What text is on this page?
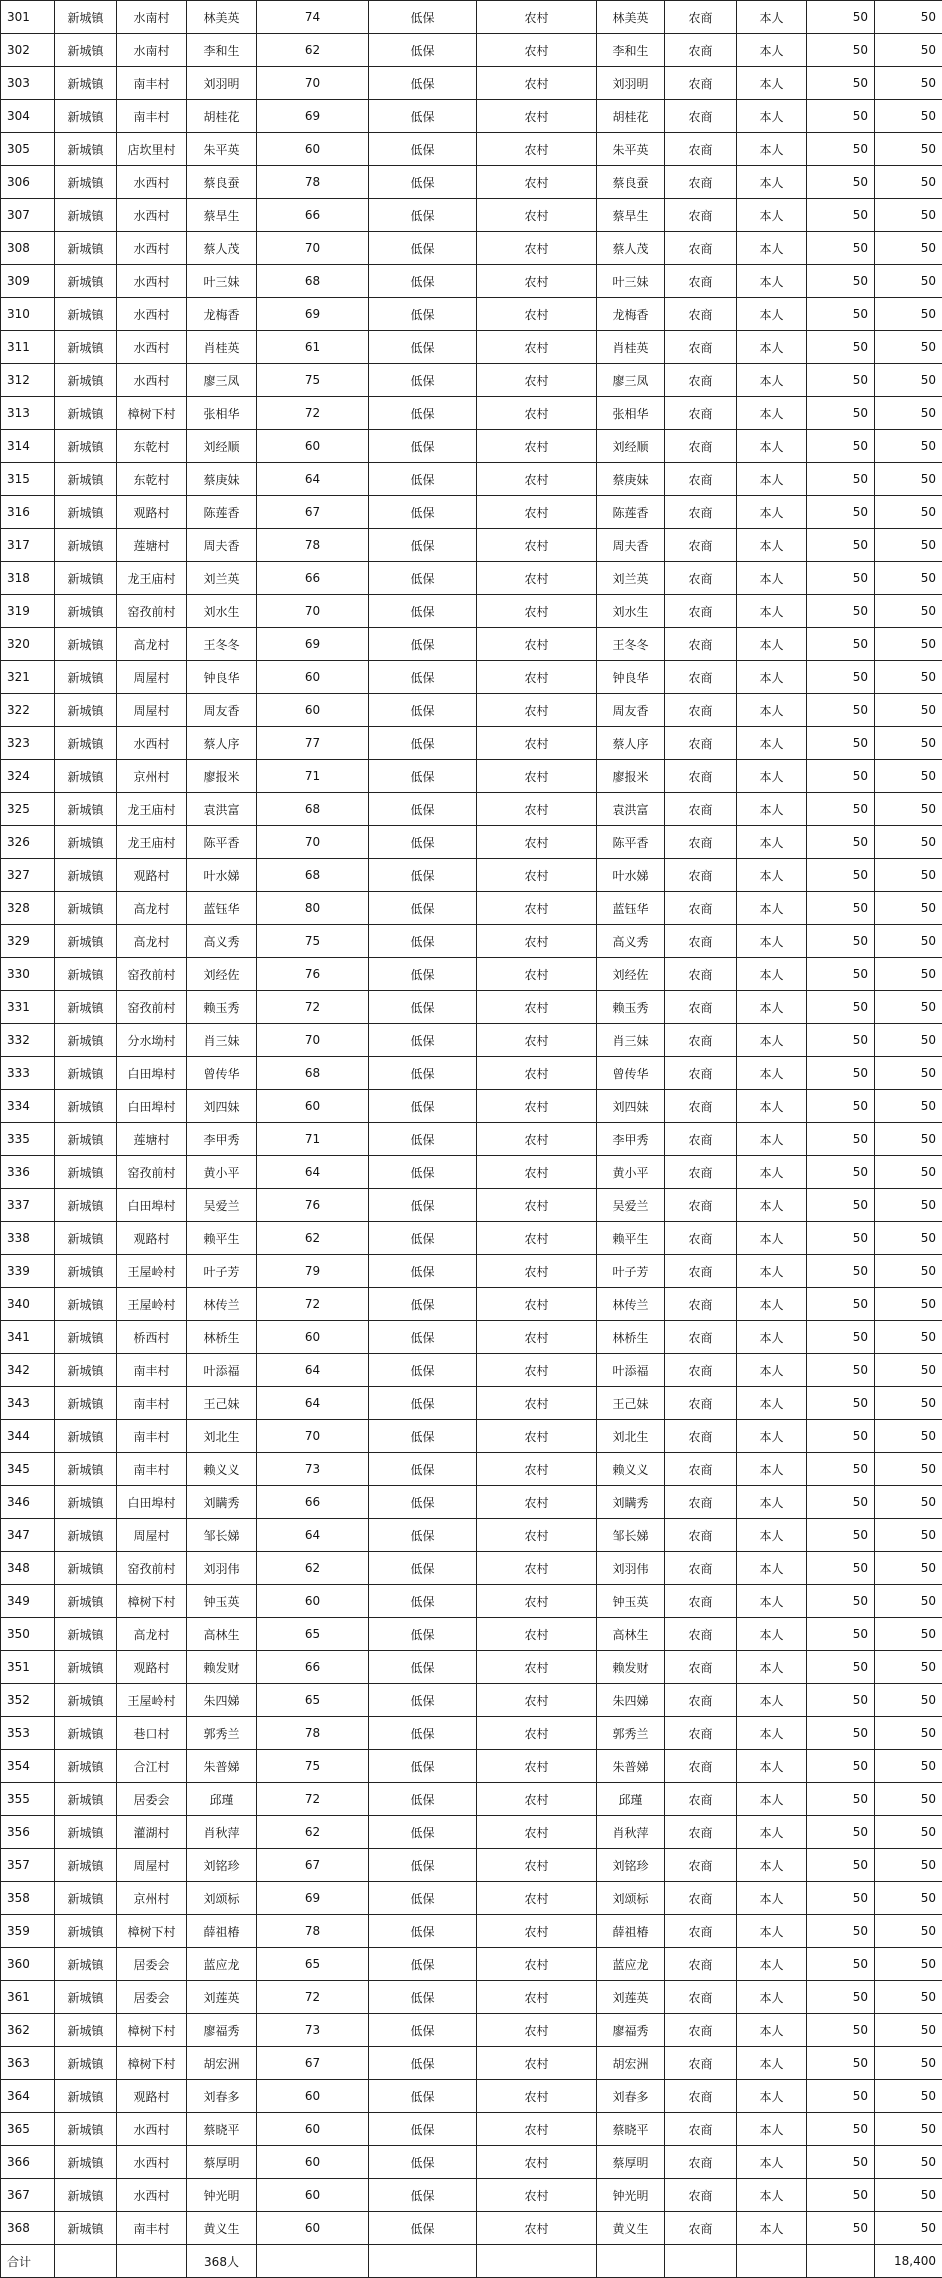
301	新城镇	水南村	林美英	74	低保	农村	林美英	农商	本人	50	50
302	新城镇	水南村	李和生	62	低保	农村	李和生	农商	本人	50	50
303	新城镇	南丰村	刘羽明	70	低保	农村	刘羽明	农商	本人	50	50
304	新城镇	南丰村	胡桂花	69	低保	农村	胡桂花	农商	本人	50	50
305	新城镇	店坎里村	朱平英	60	低保	农村	朱平英	农商	本人	50	50
306	新城镇	水西村	蔡良蚕	78	低保	农村	蔡良蚕	农商	本人	50	50
307	新城镇	水西村	蔡旱生	66	低保	农村	蔡旱生	农商	本人	50	50
308	新城镇	水西村	蔡人茂	70	低保	农村	蔡人茂	农商	本人	50	50
309	新城镇	水西村	叶三妹	68	低保	农村	叶三妹	农商	本人	50	50
310	新城镇	水西村	龙梅香	69	低保	农村	龙梅香	农商	本人	50	50
311	新城镇	水西村	肖桂英	61	低保	农村	肖桂英	农商	本人	50	50
312	新城镇	水西村	廖三凤	75	低保	农村	廖三凤	农商	本人	50	50
313	新城镇	樟树下村	张相华	72	低保	农村	张相华	农商	本人	50	50
314	新城镇	东乾村	刘经顺	60	低保	农村	刘经顺	农商	本人	50	50
315	新城镇	东乾村	蔡庚妹	64	低保	农村	蔡庚妹	农商	本人	50	50
316	新城镇	观路村	陈莲香	67	低保	农村	陈莲香	农商	本人	50	50
317	新城镇	莲塘村	周夫香	78	低保	农村	周夫香	农商	本人	50	50
318	新城镇	龙王庙村	刘兰英	66	低保	农村	刘兰英	农商	本人	50	50
319	新城镇	窑孜前村	刘水生	70	低保	农村	刘水生	农商	本人	50	50
320	新城镇	高龙村	王冬冬	69	低保	农村	王冬冬	农商	本人	50	50
321	新城镇	周屋村	钟良华	60	低保	农村	钟良华	农商	本人	50	50
322	新城镇	周屋村	周友香	60	低保	农村	周友香	农商	本人	50	50
323	新城镇	水西村	蔡人序	77	低保	农村	蔡人序	农商	本人	50	50
324	新城镇	京州村	廖报米	71	低保	农村	廖报米	农商	本人	50	50
325	新城镇	龙王庙村	袁洪富	68	低保	农村	袁洪富	农商	本人	50	50
326	新城镇	龙王庙村	陈平香	70	低保	农村	陈平香	农商	本人	50	50
327	新城镇	观路村	叶水娣	68	低保	农村	叶水娣	农商	本人	50	50
328	新城镇	高龙村	蓝钰华	80	低保	农村	蓝钰华	农商	本人	50	50
329	新城镇	高龙村	高义秀	75	低保	农村	高义秀	农商	本人	50	50
330	新城镇	窑孜前村	刘经佐	76	低保	农村	刘经佐	农商	本人	50	50
331	新城镇	窑孜前村	赖玉秀	72	低保	农村	赖玉秀	农商	本人	50	50
332	新城镇	分水坳村	肖三妹	70	低保	农村	肖三妹	农商	本人	50	50
333	新城镇	白田埠村	曾传华	68	低保	农村	曾传华	农商	本人	50	50
334	新城镇	白田埠村	刘四妹	60	低保	农村	刘四妹	农商	本人	50	50
335	新城镇	莲塘村	李甲秀	71	低保	农村	李甲秀	农商	本人	50	50
336	新城镇	窑孜前村	黄小平	64	低保	农村	黄小平	农商	本人	50	50
337	新城镇	白田埠村	吴爱兰	76	低保	农村	吴爱兰	农商	本人	50	50
338	新城镇	观路村	赖平生	62	低保	农村	赖平生	农商	本人	50	50
339	新城镇	王屋岭村	叶子芳	79	低保	农村	叶子芳	农商	本人	50	50
340	新城镇	王屋岭村	林传兰	72	低保	农村	林传兰	农商	本人	50	50
341	新城镇	桥西村	林桥生	60	低保	农村	林桥生	农商	本人	50	50
342	新城镇	南丰村	叶添福	64	低保	农村	叶添福	农商	本人	50	50
343	新城镇	南丰村	王己妹	64	低保	农村	王己妹	农商	本人	50	50
344	新城镇	南丰村	刘北生	70	低保	农村	刘北生	农商	本人	50	50
345	新城镇	南丰村	赖义义	73	低保	农村	赖义义	农商	本人	50	50
346	新城镇	白田埠村	刘瞒秀	66	低保	农村	刘瞒秀	农商	本人	50	50
347	新城镇	周屋村	邹长娣	64	低保	农村	邹长娣	农商	本人	50	50
348	新城镇	窑孜前村	刘羽伟	62	低保	农村	刘羽伟	农商	本人	50	50
349	新城镇	樟树下村	钟玉英	60	低保	农村	钟玉英	农商	本人	50	50
350	新城镇	高龙村	高林生	65	低保	农村	高林生	农商	本人	50	50
351	新城镇	观路村	赖发财	66	低保	农村	赖发财	农商	本人	50	50
352	新城镇	王屋岭村	朱四娣	65	低保	农村	朱四娣	农商	本人	50	50
353	新城镇	巷口村	郭秀兰	78	低保	农村	郭秀兰	农商	本人	50	50
354	新城镇	合江村	朱普娣	75	低保	农村	朱普娣	农商	本人	50	50
355	新城镇	居委会	邱瑾	72	低保	农村	邱瑾	农商	本人	50	50
356	新城镇	灌湖村	肖秋萍	62	低保	农村	肖秋萍	农商	本人	50	50
357	新城镇	周屋村	刘铭珍	67	低保	农村	刘铭珍	农商	本人	50	50
358	新城镇	京州村	刘颂标	69	低保	农村	刘颂标	农商	本人	50	50
359	新城镇	樟树下村	薛祖椿	78	低保	农村	薛祖椿	农商	本人	50	50
360	新城镇	居委会	蓝应龙	65	低保	农村	蓝应龙	农商	本人	50	50
361	新城镇	居委会	刘莲英	72	低保	农村	刘莲英	农商	本人	50	50
362	新城镇	樟树下村	廖福秀	73	低保	农村	廖福秀	农商	本人	50	50
363	新城镇	樟树下村	胡宏洲	67	低保	农村	胡宏洲	农商	本人	50	50
364	新城镇	观路村	刘春多	60	低保	农村	刘春多	农商	本人	50	50
365	新城镇	水西村	蔡晓平	60	低保	农村	蔡晓平	农商	本人	50	50
366	新城镇	水西村	蔡厚明	60	低保	农村	蔡厚明	农商	本人	50	50
367	新城镇	水西村	钟光明	60	低保	农村	钟光明	农商	本人	50	50
368	新城镇	南丰村	黄义生	60	低保	农村	黄义生	农商	本人	50	50
合计			368人								18,400
